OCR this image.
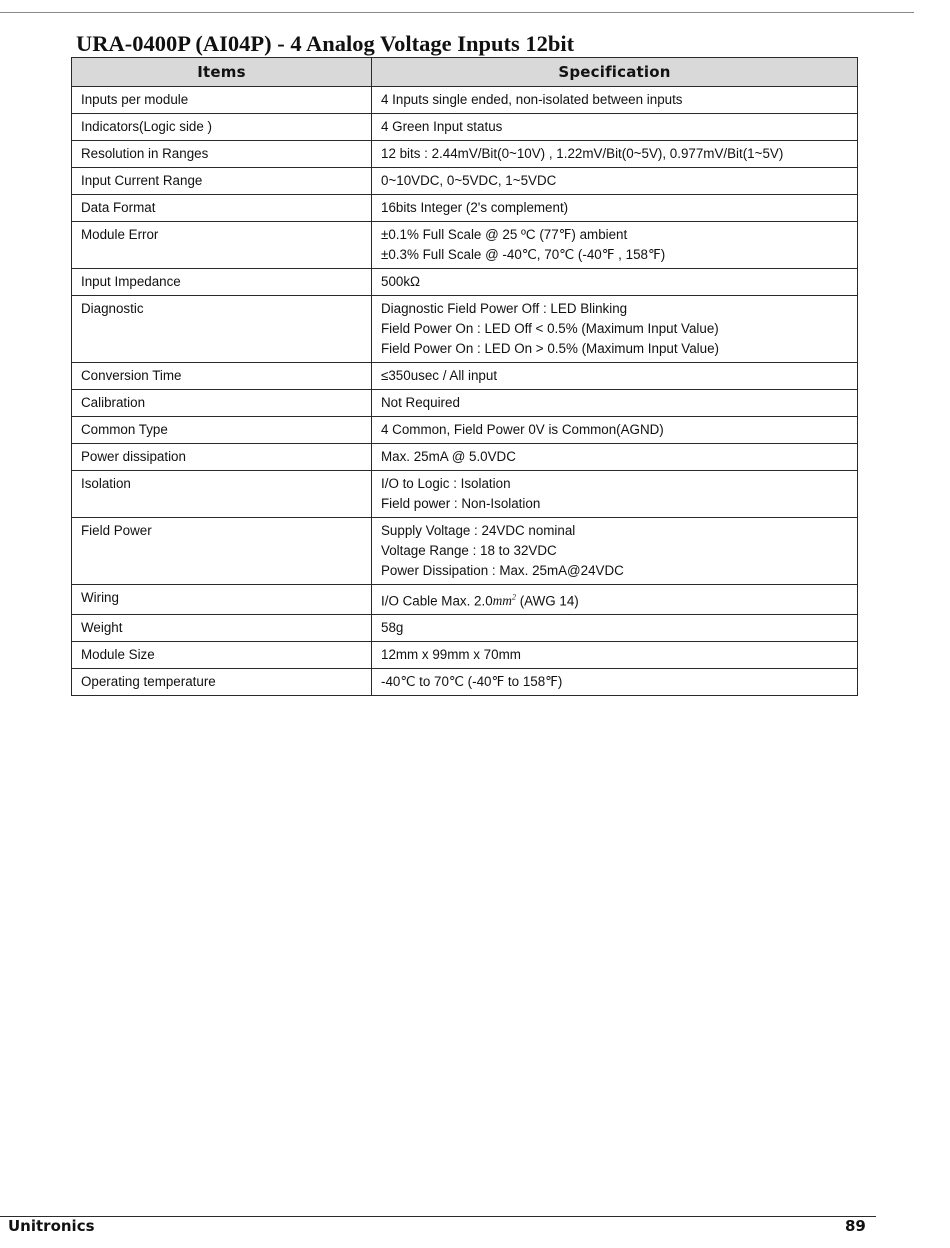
URA-0400P (AI04P) - 4 Analog Voltage Inputs 12bit
Items	Specification
Inputs per module	4 Inputs single ended, non-isolated between inputs

Indicators(Logic side )	4 Green Input status

Resolution in Ranges	12 bits : 2.44mV/Bit(0~10V) , 1.22mV/Bit(0~5V), 0.977mV/Bit(1~5V)

Input Current Range	0~10VDC, 0~5VDC, 1~5VDC

Data Format	16bits Integer (2's complement)

Module Error	±0.1% Full Scale @ 25 ºC (77℉) ambient
±0.3% Full Scale @ -40℃, 70℃ (-40℉ , 158℉)

Input Impedance	500kΩ

Diagnostic	Diagnostic Field Power Off : LED Blinking
Field Power On : LED Off < 0.5% (Maximum Input Value)
Field Power On : LED On > 0.5% (Maximum Input Value)

Conversion Time	≤350usec / All input

Calibration	Not Required

Common Type	4 Common, Field Power 0V is Common(AGND)

Power dissipation	Max. 25mA @ 5.0VDC

Isolation	I/O to Logic : Isolation
Field power : Non-Isolation

Field Power	Supply Voltage : 24VDC nominal
Voltage Range : 18 to 32VDC
Power Dissipation : Max. 25mA@24VDC

Wiring	I/O Cable Max. $2.0mm^2$ (AWG 14)

Weight	58g

Module Size	12mm x 99mm x 70mm

Operating temperature	-40℃ to 70℃ (-40℉ to 158℉)
Unitronics	89
